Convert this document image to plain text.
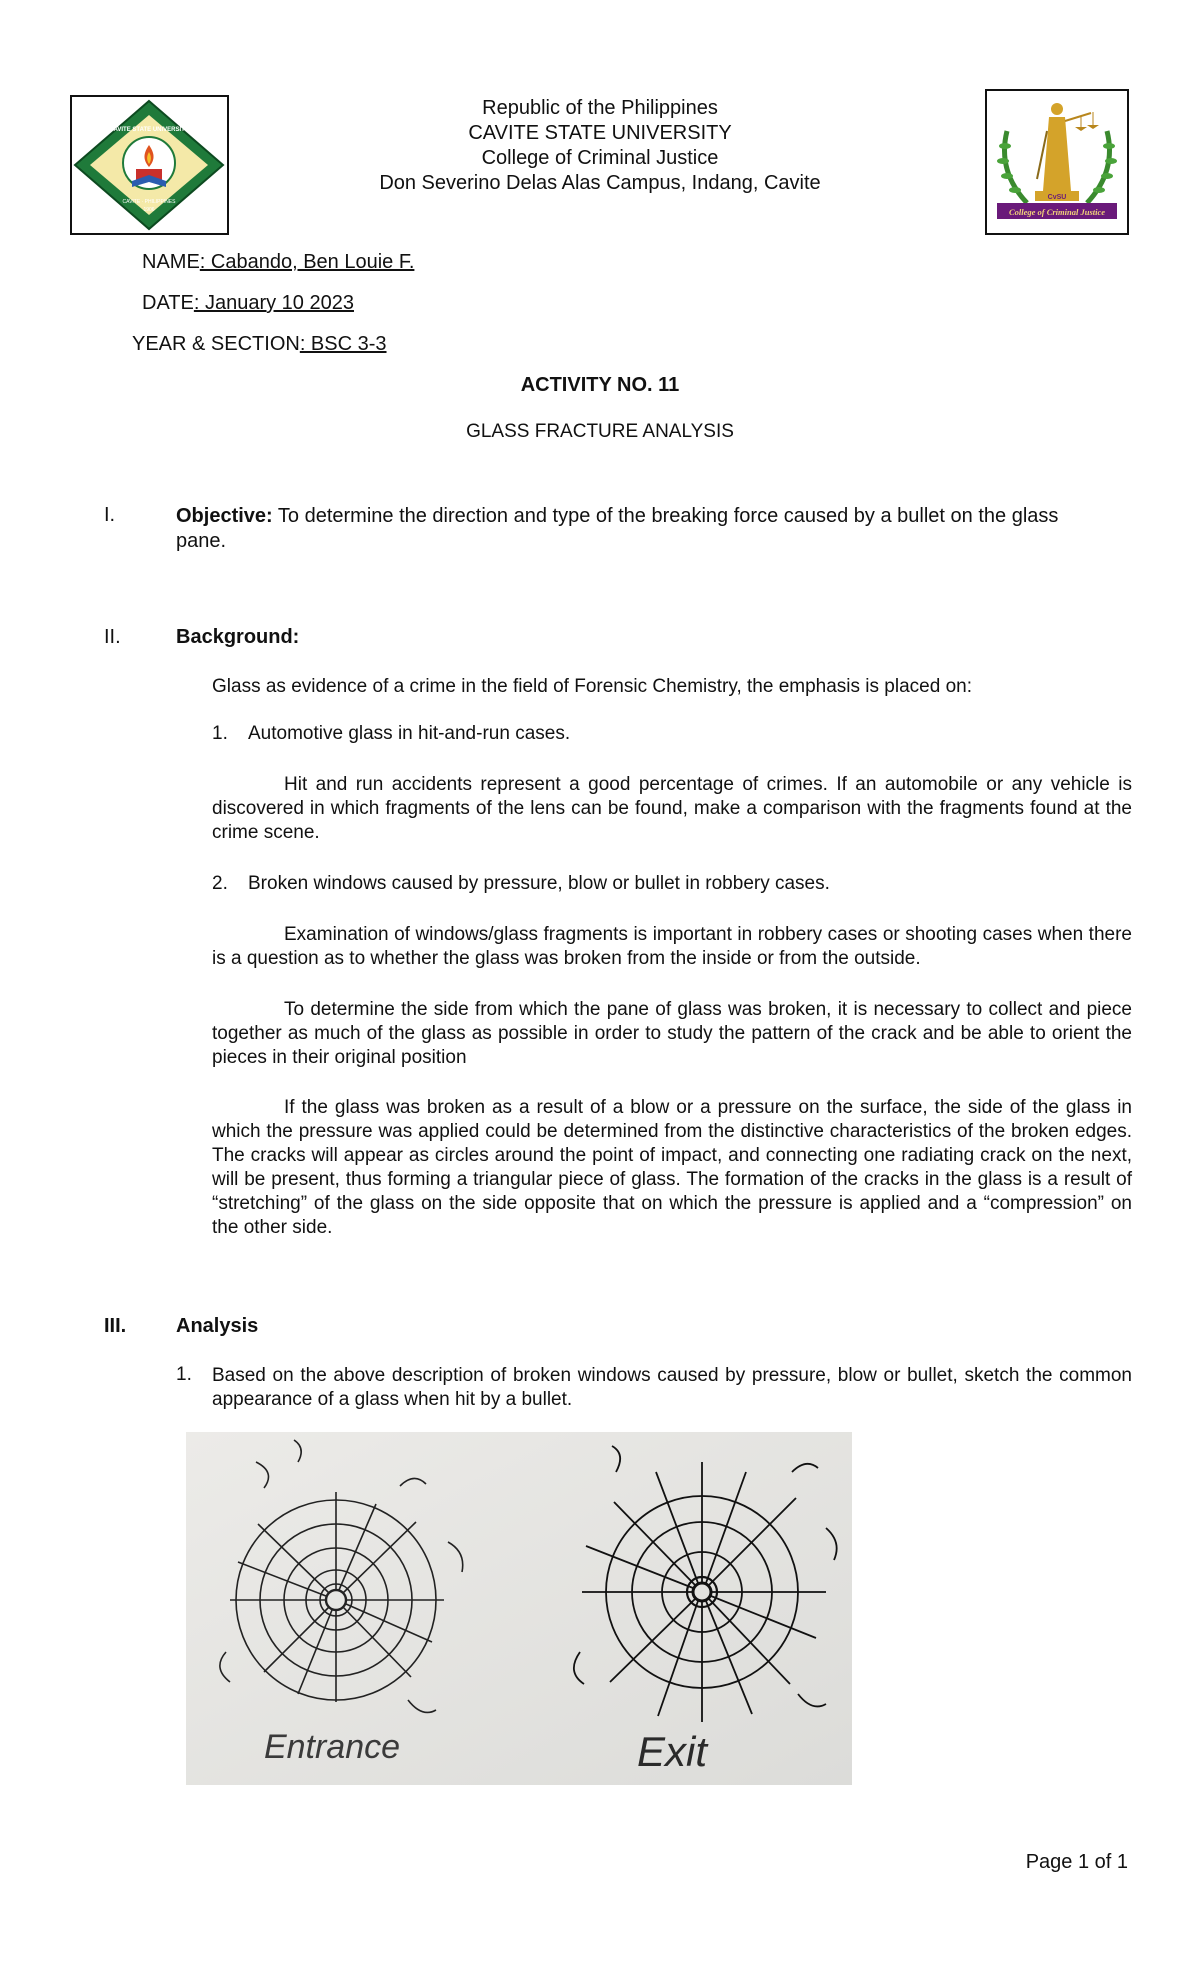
CAVITE STATE UNIVERSITY
CAVITE · PHILIPPINES
1906
Republic of the Philippines
CAVITE STATE UNIVERSITY
College of Criminal Justice
Don Severino Delas Alas Campus, Indang, Cavite
CvSU
College of Criminal Justice
NAME: Cabando, Ben Louie F.
DATE: January 10 2023
YEAR & SECTION: BSC 3-3
ACTIVITY NO. 11
GLASS FRACTURE ANALYSIS
I.	Objective: To determine the direction and type of the breaking force caused by a bullet on the glass pane.

II.	Background:

Glass as evidence of a crime in the field of Forensic Chemistry, the emphasis is placed on:

1. Automotive glass in hit-and-run cases.

Hit and run accidents represent a good percentage of crimes. If an automobile or any vehicle is discovered in which fragments of the lens can be found, make a comparison with the fragments found at the crime scene.

2. Broken windows caused by pressure, blow or bullet in robbery cases.

Examination of windows/glass fragments is important in robbery cases or shooting cases when there is a question as to whether the glass was broken from the inside or from the outside.

To determine the side from which the pane of glass was broken, it is necessary to collect and piece together as much of the glass as possible in order to study the pattern of the crack and be able to orient the pieces in their original position

If the glass was broken as a result of a blow or a pressure on the surface, the side of the glass in which the pressure was applied could be determined from the distinctive characteristics of the broken edges. The cracks will appear as circles around the point of impact, and connecting one radiating crack on the next, will be present, thus forming a triangular piece of glass. The formation of the cracks in the glass is a result of “stretching” of the glass on the side opposite that on which the pressure is applied and a “compression” on the other side.

III. Analysis
1. Based on the above description of broken windows caused by pressure, blow or bullet, sketch the common appearance of a glass when hit by a bullet.

Entrance	Exit
Page 1 of 1
